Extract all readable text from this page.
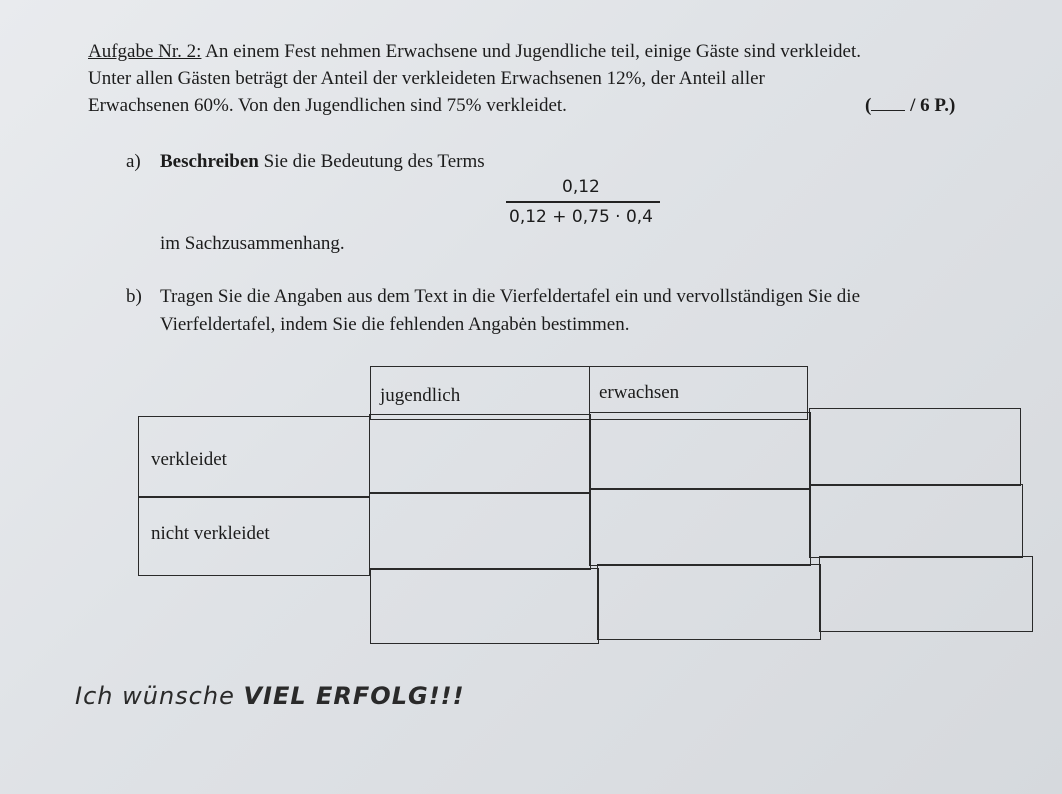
Aufgabe Nr. 2: An einem Fest nehmen Erwachsene und Jugendliche teil, einige Gäste sind verkleidet.
Unter allen Gästen beträgt der Anteil der verkleideten Erwachsenen 12%, der Anteil aller
Erwachsenen 60%. Von den Jugendlichen sind 75% verkleidet.	( / 6 P.)
a) Beschreiben Sie die Bedeutung des Terms
0,12
0,12 + 0,75 · 0,4
im Sachzusammenhang.
b) Tragen Sie die Angaben aus dem Text in die Vierfeldertafel ein und vervollständigen Sie die
Vierfeldertafel, indem Sie die fehlenden Angabėn bestimmen.
jugendlich	erwachsen
verkleidet
nicht verkleidet
Ich wünsche VIEL ERFOLG!!!
